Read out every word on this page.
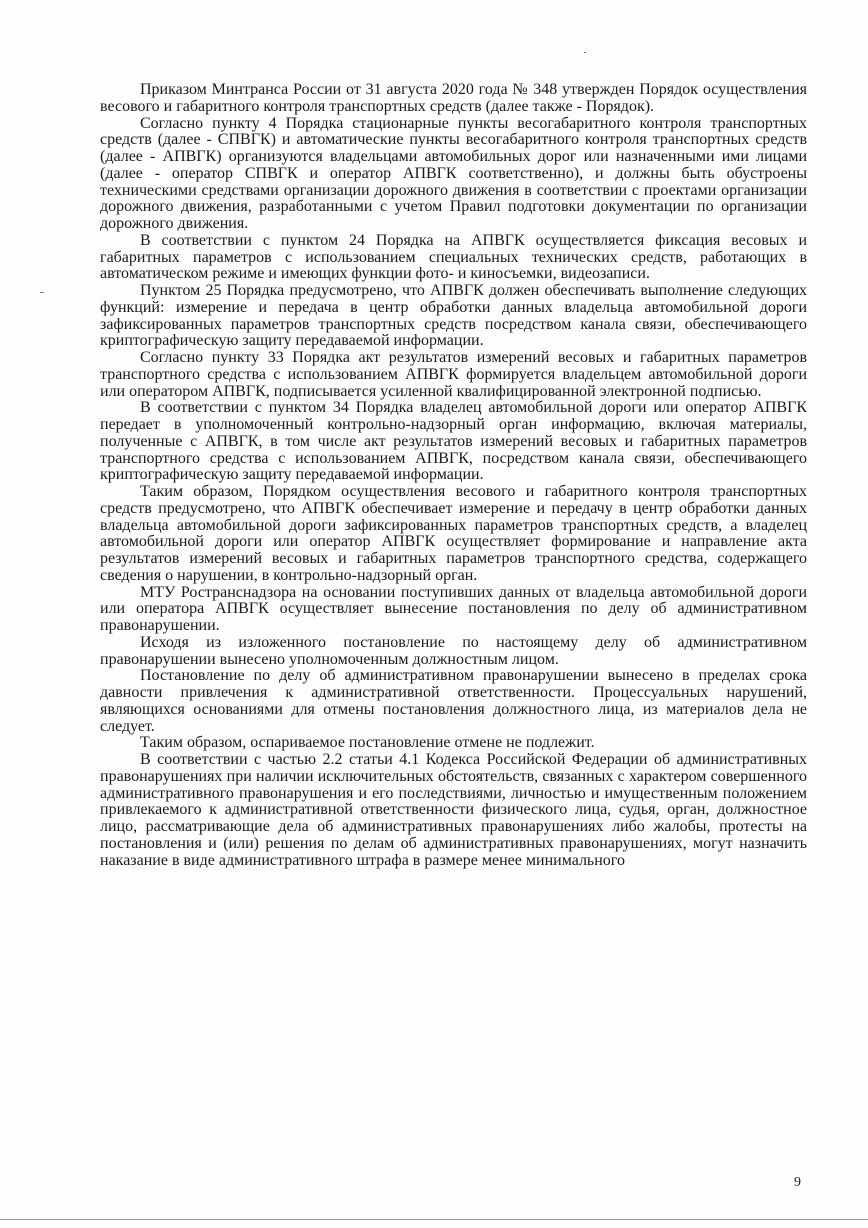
Приказом Минтранса России от 31 августа 2020 года № 348 утвержден Порядок осуществления весового и габаритного контроля транспортных средств (далее также - Порядок).

Согласно пункту 4 Порядка стационарные пункты весогабаритного контроля транспортных средств (далее - СПВГК) и автоматические пункты весогабаритного контроля транспортных средств (далее - АПВГК) организуются владельцами автомобильных дорог или назначенными ими лицами (далее - оператор СПВГК и оператор АПВГК соответственно), и должны быть обустроены техническими средствами организации дорожного движения в соответствии с проектами организации дорожного движения, разработанными с учетом Правил подготовки документации по организации дорожного движения.

В соответствии с пунктом 24 Порядка на АПВГК осуществляется фиксация весовых и габаритных параметров с использованием специальных технических средств, работающих в автоматическом режиме и имеющих функции фото- и киносъемки, видеозаписи.

Пунктом 25 Порядка предусмотрено, что АПВГК должен обеспечивать выполнение следующих функций: измерение и передача в центр обработки данных владельца автомобильной дороги зафиксированных параметров транспортных средств посредством канала связи, обеспечивающего криптографическую защиту передаваемой информации.

Согласно пункту 33 Порядка акт результатов измерений весовых и габаритных параметров транспортного средства с использованием АПВГК формируется владельцем автомобильной дороги или оператором АПВГК, подписывается усиленной квалифицированной электронной подписью.

В соответствии с пунктом 34 Порядка владелец автомобильной дороги или оператор АПВГК передает в уполномоченный контрольно-надзорный орган информацию, включая материалы, полученные с АПВГК, в том числе акт результатов измерений весовых и габаритных параметров транспортного средства с использованием АПВГК, посредством канала связи, обеспечивающего криптографическую защиту передаваемой информации.

Таким образом, Порядком осуществления весового и габаритного контроля транспортных средств предусмотрено, что АПВГК обеспечивает измерение и передачу в центр обработки данных владельца автомобильной дороги зафиксированных параметров транспортных средств, а владелец автомобильной дороги или оператор АПВГК осуществляет формирование и направление акта результатов измерений весовых и габаритных параметров транспортного средства, содержащего сведения о нарушении, в контрольно-надзорный орган.

МТУ Ространснадзора на основании поступивших данных от владельца автомобильной дороги или оператора АПВГК осуществляет вынесение постановления по делу об административном правонарушении.

Исходя из изложенного постановление по настоящему делу об административном правонарушении вынесено уполномоченным должностным лицом.

Постановление по делу об административном правонарушении вынесено в пределах срока давности привлечения к административной ответственности. Процессуальных нарушений, являющихся основаниями для отмены постановления должностного лица, из материалов дела не следует.

Таким образом, оспариваемое постановление отмене не подлежит.

В соответствии с частью 2.2 статьи 4.1 Кодекса Российской Федерации об административных правонарушениях при наличии исключительных обстоятельств, связанных с характером совершенного административного правонарушения и его последствиями, личностью и имущественным положением привлекаемого к административной ответственности физического лица, судья, орган, должностное лицо, рассматривающие дела об административных правонарушениях либо жалобы, протесты на постановления и (или) решения по делам об административных правонарушениях, могут назначить наказание в виде административного штрафа в размере менее минимального

9
